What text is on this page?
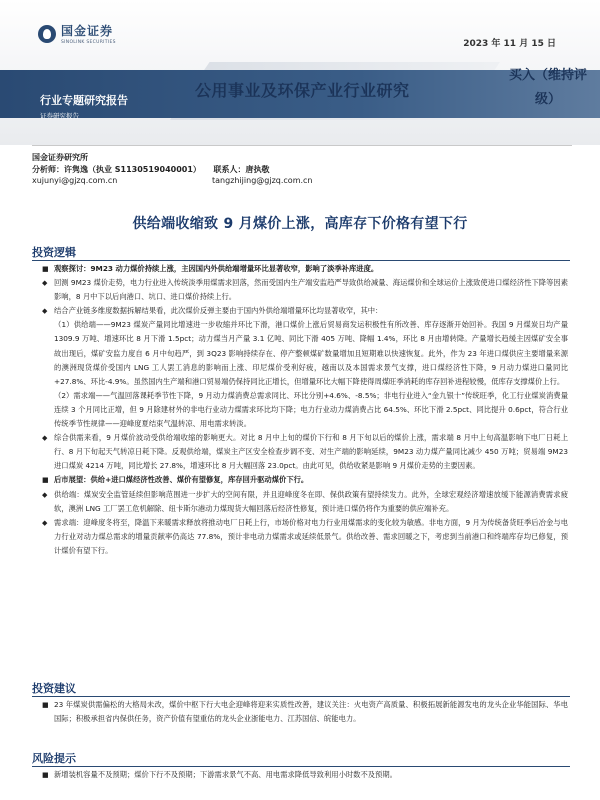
国金证券
SINOLINK SECURITIES	2023 年 11 月 15 日
公用事业及环保产业行业研究
买入（维持评级）
行业专题研究报告
证券研究报告
国金证券研究所
分析师：许隽逸（执业 S1130519040001） 联系人：唐执敬
xujunyi@gjzq.com.cn	tangzhijing@gjzq.com.cn
供给端收缩致 9 月煤价上涨，高库存下价格有望下行
投资逻辑
■ 观察探讨：9M23 动力煤价持续上涨，主因国内外供给端增量环比显著收窄，影响了淡季补库进度。
◆ 回测 9M23 煤价走势，电力行业进入传统淡季用煤需求回落，然而受国内生产端安监趋严导致供给减量、海运煤价和全球运价上涨致使进口煤经济性下降等因素影响，8 月中下以后向港口、坑口、进口煤价持续上行。
◆ 结合产业链多维度数据拆解结果看，此次煤价反弹主要由于国内外供给端增量环比均显著收窄，其中：
（1）供给端——9M23 煤炭产量同比增速进一步收缩并环比下滑，港口煤价上涨后贸易商发运积极性有所改善、库存逐渐开始回补。我国 9 月煤炭日均产量 1309.9 万吨、增速环比 8 月下滑 1.5pct；动力煤当月产量 3.1 亿吨、同比下滑 405 万吨、降幅 1.4%，环比 8 月由增转降。产量增长趋缓主因煤矿安全事故出现后，煤矿安监力度自 6 月中旬趋严，到 3Q23 影响持续存在、停产整顿煤矿数量增加且短期难以快速恢复。此外，作为 23 年进口煤供应主要增量来源的澳洲现货煤价受国内 LNG 工人罢工消息的影响而上涨、印尼煤价受利好疲，越南以及本国需求景气支撑，进口煤经济性下降，9 月动力煤进口量同比+27.8%、环比-4.9%。虽然国内生产端和港口贸易端仍保持同比正增长，但增量环比大幅下降使得周煤旺季消耗的库存回补进程较慢，低库存支撑煤价上行。
（2）需求端——气温回落课耗季节性下降，9 月动力煤消费总需求同比、环比分别+4.6%、-8.5%；非电行业进入“金九银十”传统旺季，化工行业煤炭消费量连续 3 个月同比正增，但 9 月除建材外的非电行业动力煤需求环比均下降；电力行业动力煤消费占比 64.5%、环比下滑 2.5pct、同比提升 0.6pct，符合行业传统季节性规律——迎峰度夏结束气温转凉、用电需求转淡。
◆ 综合供需来看，9 月煤价波动受供给端收缩的影响更大。对比 8 月中上旬的煤价下行和 8 月下旬以后的煤价上涨，需求端 8 月中上旬高温影响下电厂日耗上行、8 月下旬起天气转凉日耗下降。反观供给端，煤炭主产区安全检查步调不变、对生产端的影响延续，9M23 动力煤产量同比减少 450 万吨；贸易端 9M23 进口煤炭 4214 万吨，同比增长 27.8%，增速环比 8 月大幅回落 23.0pct。由此可见，供给收紧是影响 9 月煤价走势的主要因素。
■ 后市展望：供给+进口煤经济性改善、煤价有望修复，库存回升驱动煤价下行。
◆ 供给端：煤炭安全监管延续但影响范围进一步扩大的空间有限，并且迎峰度冬在即、保供政策有望持续发力。此外，全球宏观经济增速放缓下能源消费需求疲软，澳洲 LNG 工厂罢工危机解除、纽卡斯尔港动力煤现货大幅回落后经济性修复，预计进口煤仍将作为重要的供应端补充。
◆ 需求端：迎峰度冬将至，降温下来暖需求释放将推动电厂日耗上行，市场价格对电力行业用煤需求的变化较为敏感。非电方面，9 月为传统备货旺季后冶金与电力行业对动力煤总需求的增量贡献率仍高达 77.8%，预计非电动力煤需求或延续低景气。供给改善、需求回暖之下，考虑到当前港口和终端库存均已修复，预计煤价有望下行。
投资建议
■ 23 年煤炭供需偏松的大格局未改，煤价中枢下行大电企迎峰将迎来实质性改善，建议关注：火电资产高质量、积极拓展新能源发电的龙头企业华能国际、华电国际；积极承担省内保供任务，资产价值有望重估的龙头企业浙能电力、江苏国信、皖能电力。
风险提示
■ 新增装机容量不及预期；煤价下行不及预期；下游需求景气不高、用电需求降低导致利用小时数不及预期。
